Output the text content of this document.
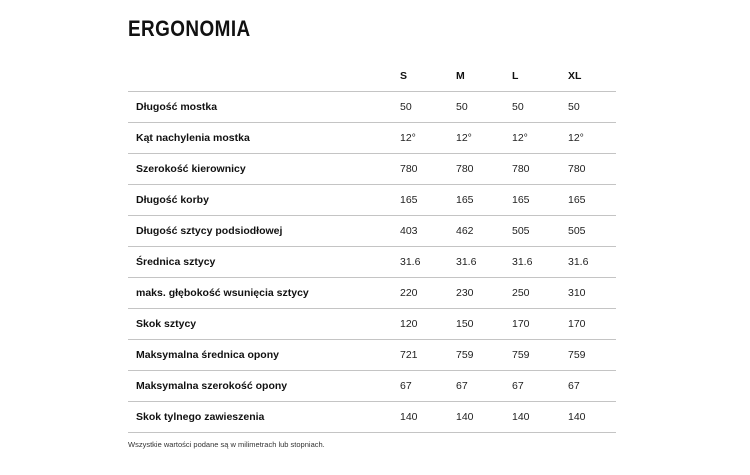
ERGONOMIA
	S	M	L	XL
Długość mostka	50	50	50	50
Kąt nachylenia mostka	12°	12°	12°	12°
Szerokość kierownicy	780	780	780	780
Długość korby	165	165	165	165
Długość sztycy podsiodłowej	403	462	505	505
Średnica sztycy	31.6	31.6	31.6	31.6
maks. głębokość wsunięcia sztycy	220	230	250	310
Skok sztycy	120	150	170	170
Maksymalna średnica opony	721	759	759	759
Maksymalna szerokość opony	67	67	67	67
Skok tylnego zawieszenia	140	140	140	140
Wszystkie wartości podane są w milimetrach lub stopniach.
